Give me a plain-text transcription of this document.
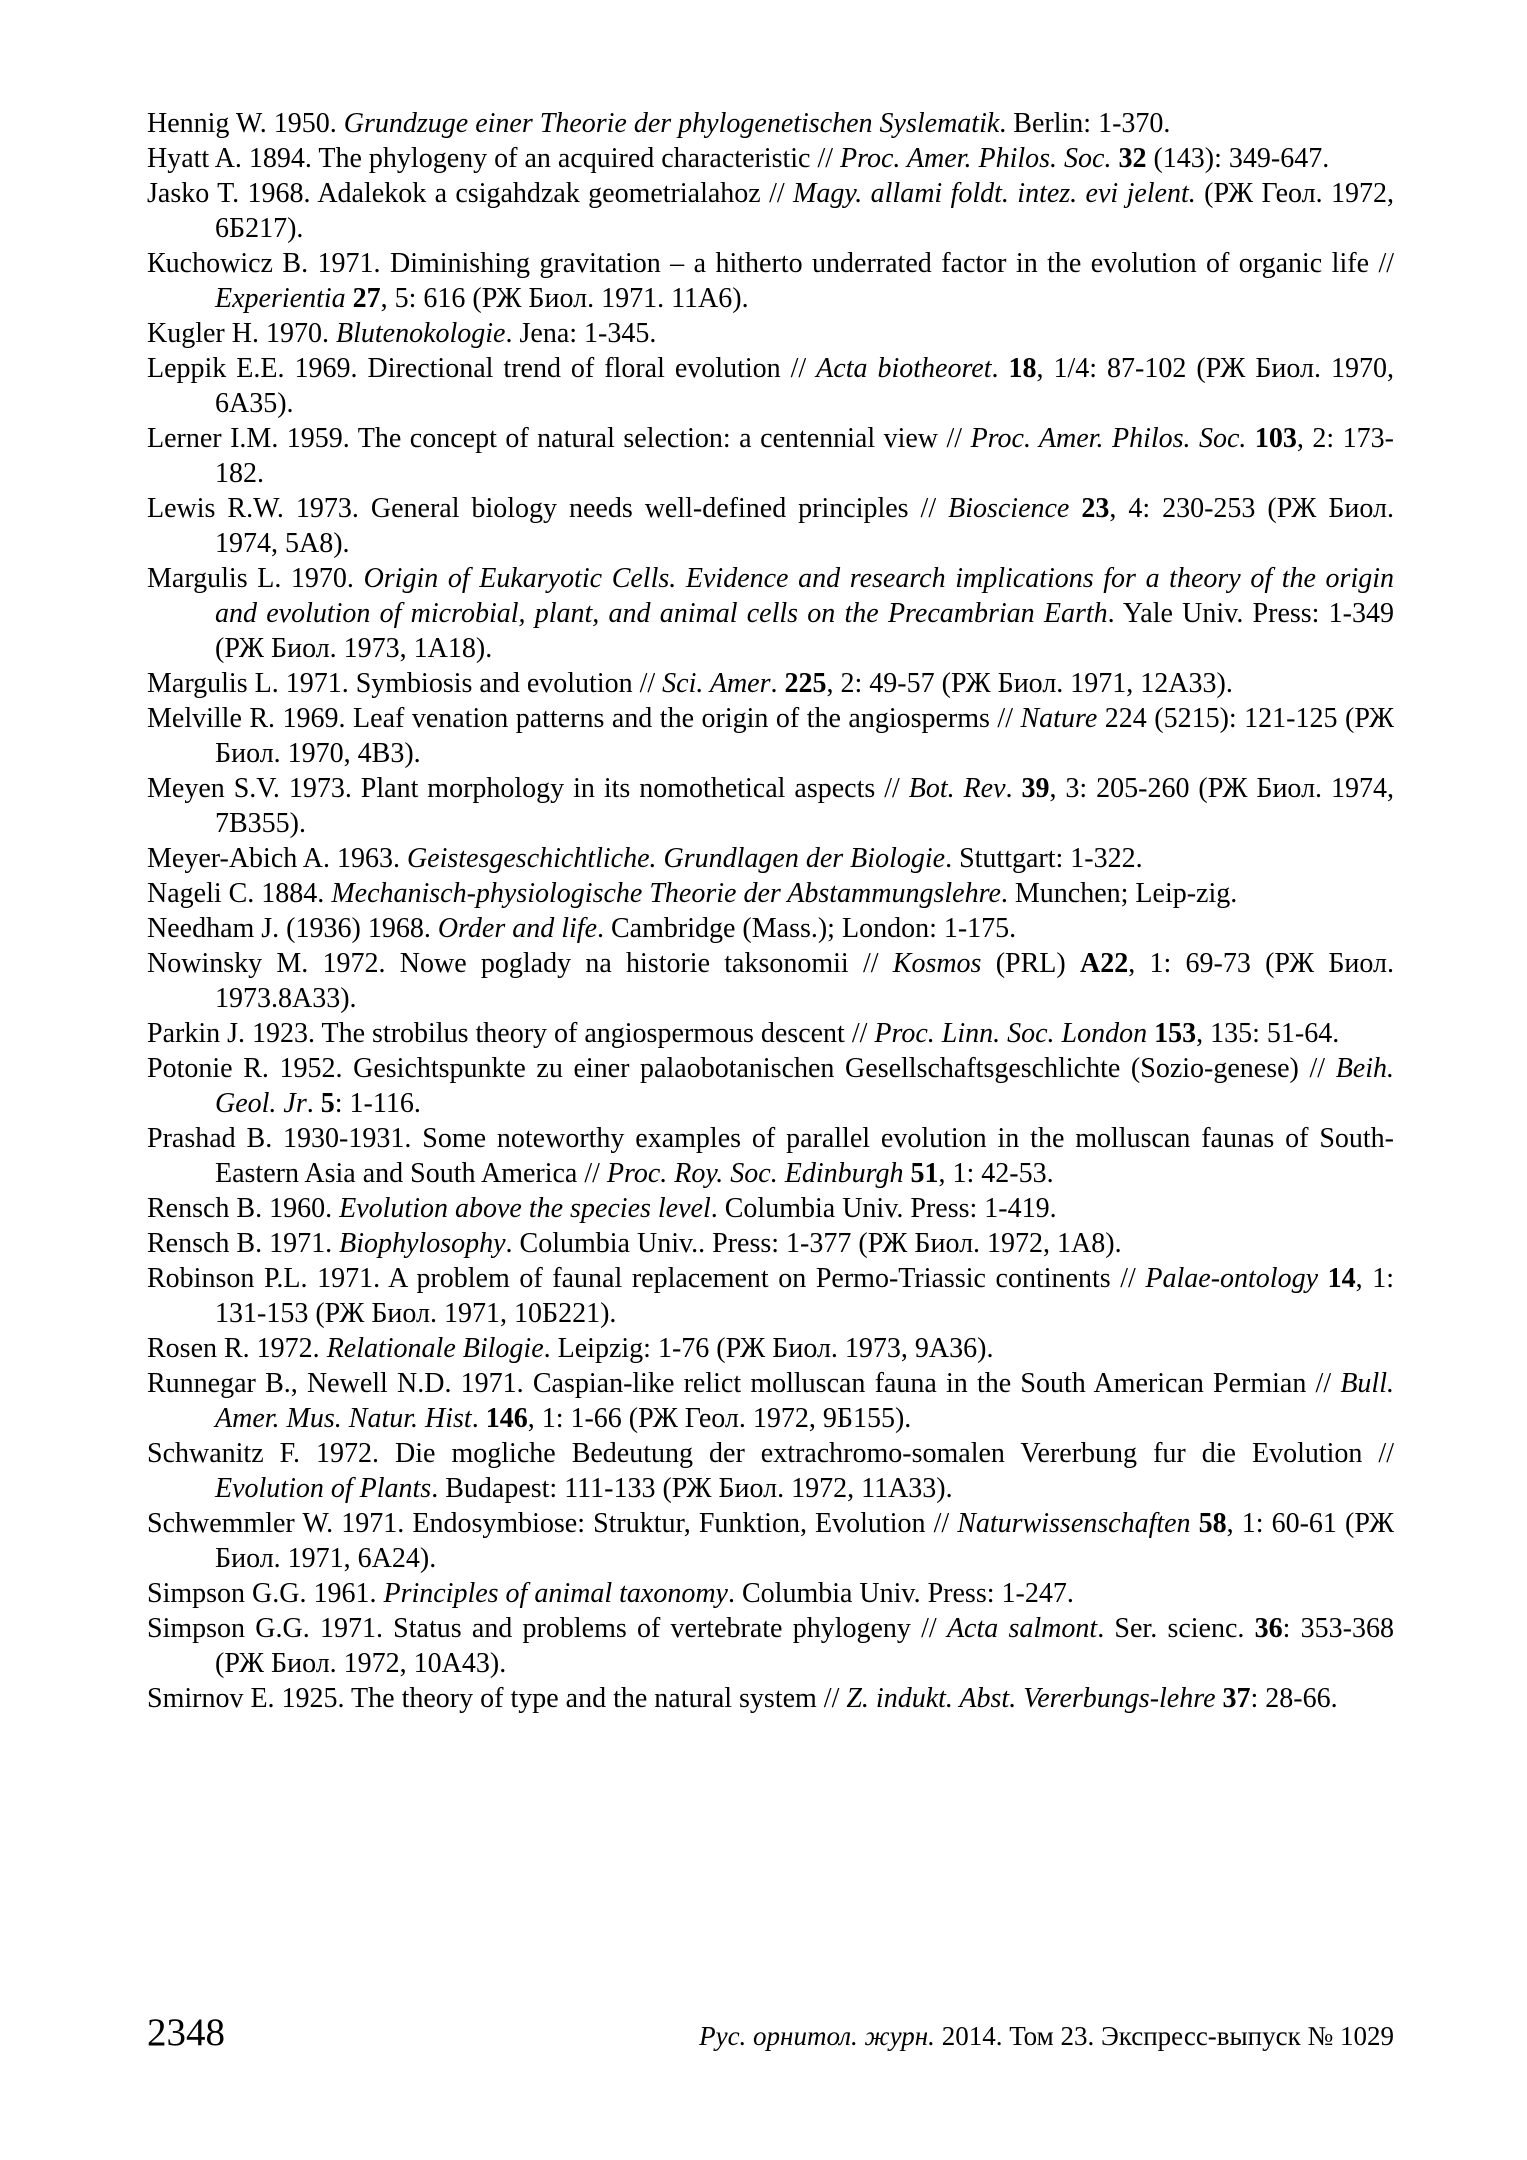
Hennig W. 1950. Grundzuge einer Theorie der phylogenetischen Syslematik. Berlin: 1-370.

Hyatt A. 1894. The phylogeny of an acquired characteristic // Proc. Amer. Philos. Soc. 32 (143): 349-647.

Jasko T. 1968. Adalekok a csigahdzak geometrialahoz // Magy. allami foldt. intez. evi jelent. (РЖ Геол. 1972, 6Б217).

Кuchowicz B. 1971. Diminishing gravitation – a hitherto underrated factor in the evolution of organic life // Experientia 27, 5: 616 (РЖ Биол. 1971. 11А6).

Kugler H. 1970. Blutenokologie. Jena: 1-345.

Leppik E.E. 1969. Directional trend of floral evolution // Acta biotheoret. 18, 1/4: 87-102 (РЖ Биол. 1970, 6А35).

Lerner I.M. 1959. The concept of natural selection: a centennial view // Proc. Amer. Philos. Soc. 103, 2: 173-182.

Lewis R.W. 1973. General biology needs well-defined principles // Bioscience 23, 4: 230-253 (РЖ Биол. 1974, 5А8).

Margulis L. 1970. Origin of Eukaryotic Cells. Evidence and research implications for a theory of the origin and evolution of microbial, plant, and animal cells on the Precambrian Earth. Yale Univ. Press: 1-349 (РЖ Биол. 1973, 1А18).

Margulis L. 1971. Symbiosis and evolution // Sci. Amer. 225, 2: 49-57 (РЖ Биол. 1971, 12А33).

Melville R. 1969. Leaf venation patterns and the origin of the angiosperms // Nature 224 (5215): 121-125 (РЖ Биол. 1970, 4В3).

Meyen S.V. 1973. Plant morphology in its nomothetical aspects // Bot. Rev. 39, 3: 205-260 (РЖ Биол. 1974, 7В355).

Meyer-Abich A. 1963. Geistesgeschichtliche. Grundlagen der Biologie. Stuttgart: 1-322.

Nageli C. 1884. Mechanisch-physiologische Theorie der Abstammungslehre. Munchen; Leip-zig.

Needham J. (1936) 1968. Order and life. Cambridge (Mass.); London: 1-175.

Nowinsky M. 1972. Nowe poglady na historie taksonomii // Kosmos (PRL) А22, 1: 69-73 (РЖ Биол. 1973.8А33).

Parkin J. 1923. The strobilus theory of angiospermous descent // Proc. Linn. Soc. London 153, 135: 51-64.

Potonie R. 1952. Gesichtspunkte zu einer palaobotanischen Gesellschaftsgeschlichte (Sozio-genese) // Beih. Geol. Jr. 5: 1-116.

Prashad B. 1930-1931. Some noteworthy examples of parallel evolution in the molluscan faunas of South-Eastern Asia and South America // Proc. Roy. Soc. Edinburgh 51, 1: 42-53.

Rensch B. 1960. Evolution above the species level. Columbia Univ. Press: 1-419.

Rensch B. 1971. Biophylosophy. Columbia Univ.. Press: 1-377 (РЖ Биол. 1972, 1А8).

Robinson P.L. 1971. A problem of faunal replacement on Permo-Triassic continents // Palae-ontology 14, 1: 131-153 (РЖ Биол. 1971, 10Б221).

Rosen R. 1972. Relationale Bilogie. Leipzig: 1-76 (РЖ Биол. 1973, 9А36).

Runnegar B., Newell N.D. 1971. Caspian-like relict molluscan fauna in the South American Permian // Bull. Amer. Mus. Natur. Hist. 146, 1: 1-66 (РЖ Геол. 1972, 9Б155).

Schwanitz F. 1972. Die mogliche Bedeutung der extrachromo-somalen Vererbung fur die Evolution // Evolution of Plants. Budapest: 111-133 (РЖ Биол. 1972, 11А33).

Schwemmler W. 1971. Endosymbiose: Struktur, Funktion, Evolution // Naturwissenschaften 58, 1: 60-61 (РЖ Биол. 1971, 6А24).

Simpson G.G. 1961. Principles of animal taxonomy. Columbia Univ. Press: 1-247.

Simpson G.G. 1971. Status and problems of vertebrate phylogeny // Acta salmont. Ser. scienc. 36: 353-368 (РЖ Биол. 1972, 10А43).

Smirnov E. 1925. The theory of type and the natural system // Z. indukt. Abst. Vererbungs-lehre 37: 28-66.

2348	Рус. орнитол. журн. 2014. Том 23. Экспресс-выпуск № 1029
